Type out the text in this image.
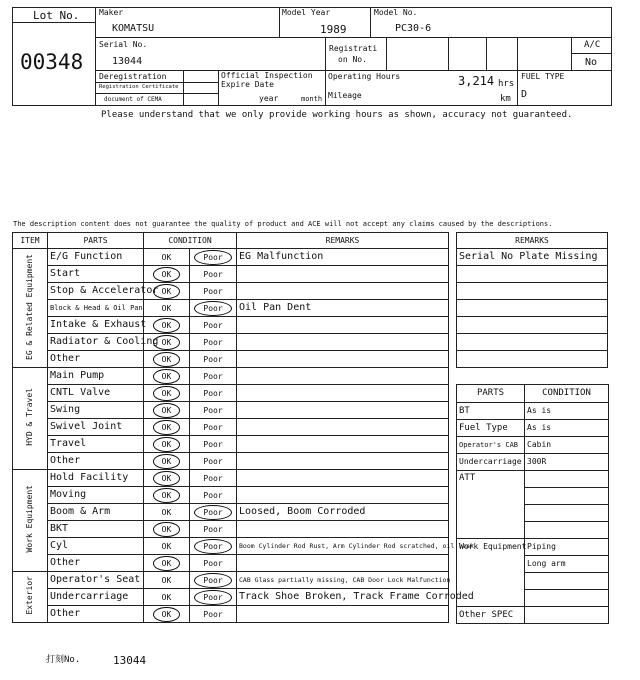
Lot No.
00348
Maker
KOMATSU
Model Year
1989
Model No.
PC30-6
Serial No.
13044
Registrati
on No.
A/C
No
Deregistration
Registration Certificate
document of CEMA
Official Inspection
Expire Date
year	month
Operating Hours	3,214 hrs
Mileage	km
FUEL TYPE
D
Please understand that we only provide working hours as shown, accuracy not guaranteed.
The description content does not guarantee the quality of product and ACE will not accept any claims caused by the descriptions.
ITEM	PARTS	CONDITION		REMARKS
EG & Related Equipment	E/G Function	OK	Poor	EG Malfunction
	Start	OK	Poor	
	Stop & Accelerator	OK	Poor	
	Block & Head & Oil Pan	OK	Poor	Oil Pan Dent
	Intake & Exhaust	OK	Poor	
	Radiator & Cooling	OK	Poor	
	Other	OK	Poor	
HYD & Travel	Main Pump	OK	Poor	
	CNTL Valve	OK	Poor	
	Swing	OK	Poor	
	Swivel Joint	OK	Poor	
	Travel	OK	Poor	
	Other	OK	Poor	
Work Equipment	Hold Facility	OK	Poor	
	Moving	OK	Poor	
	Boom & Arm	OK	Poor	Loosed, Boom Corroded
	BKT	OK	Poor	
	Cyl	OK	Poor	Boom Cylinder Rod Rust, Arm Cylinder Rod scratched, oil leak
	Other	OK	Poor	
Exterior	Operator's Seat	OK	Poor	CAB Glass partially missing, CAB Door Lock Malfunction
	Undercarriage	OK	Poor	Track Shoe Broken, Track Frame Corroded
	Other	OK	Poor	
REMARKS
Serial No Plate Missing

PARTS	CONDITION
BT	As is
Fuel Type	As is
Operator's CAB	Cabin
Undercarriage	300R
ATT	

Work Equipment	Piping
	Long arm

Other SPEC	
打刻No.	13044
